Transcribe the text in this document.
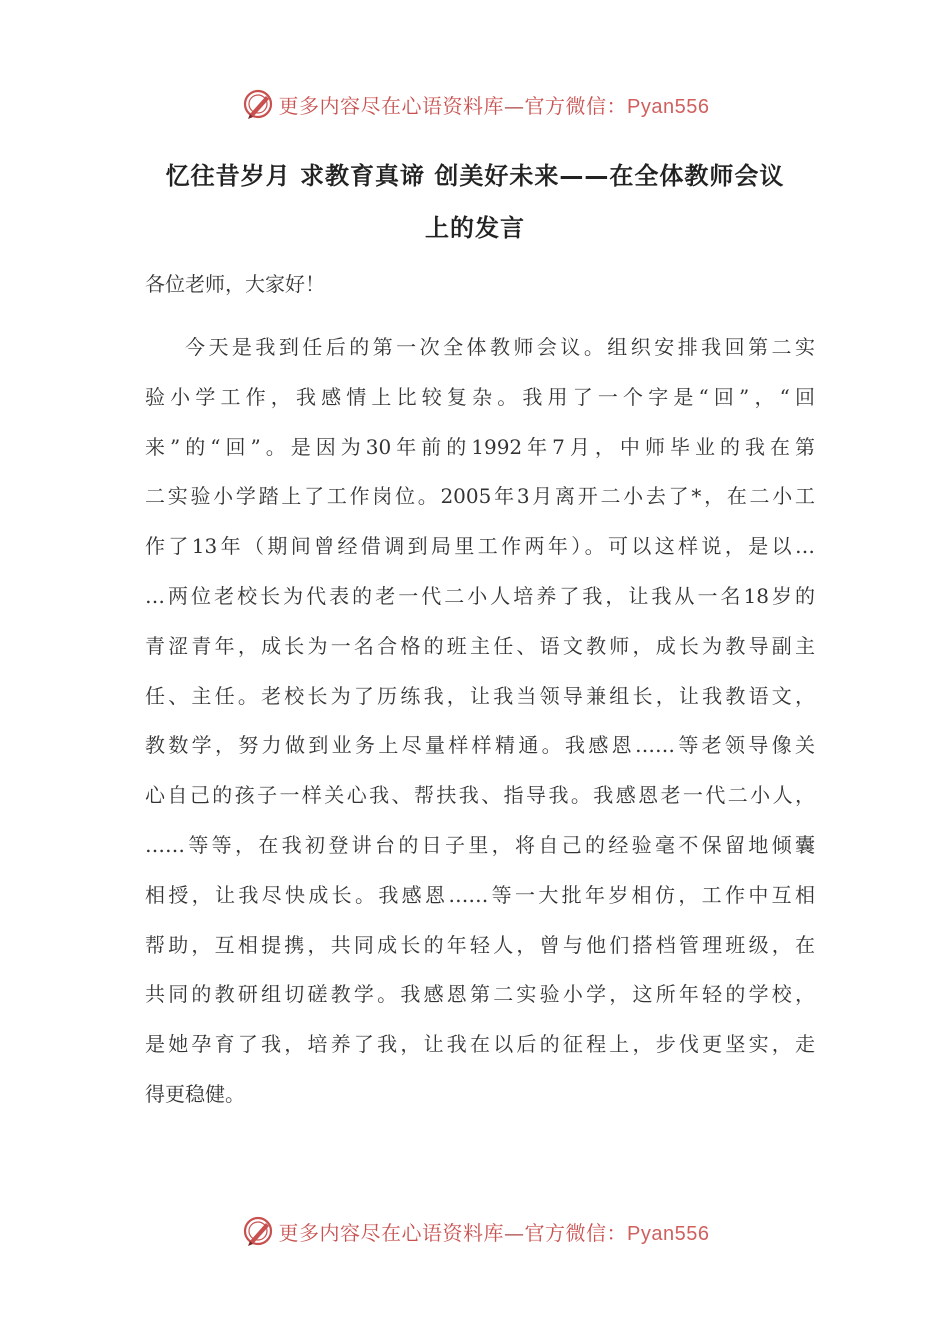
更多内容尽在心语资料库—官方微信：Pyan556
忆往昔岁月 求教育真谛 创美好未来——在全体教师会议
上的发言
各位老师，大家好！
今天是我到任后的第一次全体教师会议。组织安排我回第二实
验小学工作，我感情上比较复杂。我用了一个字是“回”，“回
来”的“回”。是因为30年前的1992年7月，中师毕业的我在第
二实验小学踏上了工作岗位。2005年3月离开二小去了*，在二小工
作了13年（期间曾经借调到局里工作两年）。可以这样说，是以…
…两位老校长为代表的老一代二小人培养了我，让我从一名18岁的
青涩青年，成长为一名合格的班主任、语文教师，成长为教导副主
任、主任。老校长为了历练我，让我当领导兼组长，让我教语文，
教数学，努力做到业务上尽量样样精通。我感恩……等老领导像关
心自己的孩子一样关心我、帮扶我、指导我。我感恩老一代二小人，
……等等，在我初登讲台的日子里，将自己的经验毫不保留地倾囊
相授，让我尽快成长。我感恩……等一大批年岁相仿，工作中互相
帮助，互相提携，共同成长的年轻人，曾与他们搭档管理班级，在
共同的教研组切磋教学。我感恩第二实验小学，这所年轻的学校，
是她孕育了我，培养了我，让我在以后的征程上，步伐更坚实，走
得更稳健。
更多内容尽在心语资料库—官方微信：Pyan556
